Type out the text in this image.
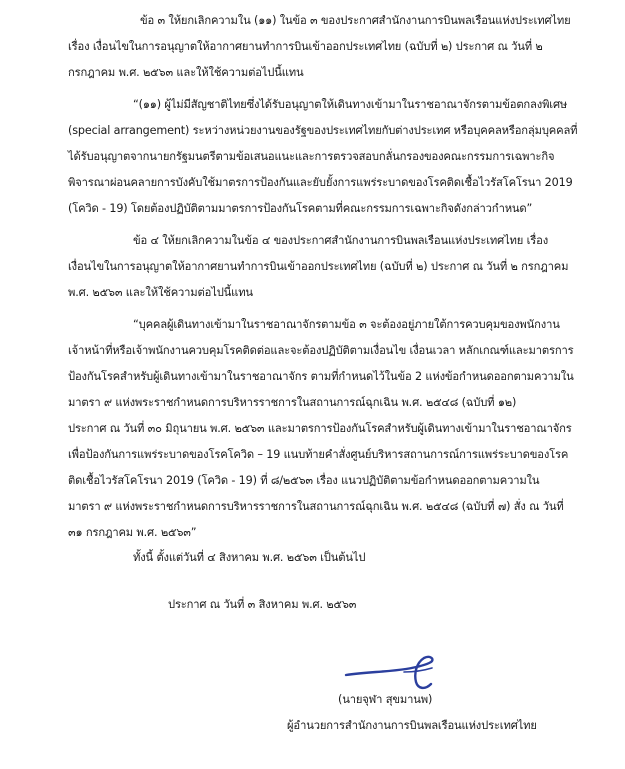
ข้อ ๓ ให้ยกเลิกความใน (๑๑) ในข้อ ๓ ของประกาศสำนักงานการบินพลเรือนแห่งประเทศไทย
เรื่อง เงื่อนไขในการอนุญาตให้อากาศยานทำการบินเข้าออกประเทศไทย (ฉบับที่ ๒) ประกาศ ณ วันที่ ๒
กรกฎาคม พ.ศ. ๒๕๖๓ และให้ใช้ความต่อไปนี้แทน
“(๑๑) ผู้ไม่มีสัญชาติไทยซึ่งได้รับอนุญาตให้เดินทางเข้ามาในราชอาณาจักรตามข้อตกลงพิเศษ
(special arrangement) ระหว่างหน่วยงานของรัฐของประเทศไทยกับต่างประเทศ หรือบุคคลหรือกลุ่มบุคคลที่
ได้รับอนุญาตจากนายกรัฐมนตรีตามข้อเสนอแนะและการตรวจสอบกลั่นกรองของคณะกรรมการเฉพาะกิจ
พิจารณาผ่อนคลายการบังคับใช้มาตรการป้องกันและยับยั้งการแพร่ระบาดของโรคติดเชื้อไวรัสโคโรนา 2019
(โควิด - 19) โดยต้องปฏิบัติตามมาตรการป้องกันโรคตามที่คณะกรรมการเฉพาะกิจดังกล่าวกำหนด”
ข้อ ๔ ให้ยกเลิกความในข้อ ๔ ของประกาศสำนักงานการบินพลเรือนแห่งประเทศไทย เรื่อง
เงื่อนไขในการอนุญาตให้อากาศยานทำการบินเข้าออกประเทศไทย (ฉบับที่ ๒) ประกาศ ณ วันที่ ๒ กรกฎาคม
พ.ศ. ๒๕๖๓ และให้ใช้ความต่อไปนี้แทน
“บุคคลผู้เดินทางเข้ามาในราชอาณาจักรตามข้อ ๓ จะต้องอยู่ภายใต้การควบคุมของพนักงาน
เจ้าหน้าที่หรือเจ้าพนักงานควบคุมโรคติดต่อและจะต้องปฏิบัติตามเงื่อนไข เงื่อนเวลา หลักเกณฑ์และมาตรการ
ป้องกันโรคสำหรับผู้เดินทางเข้ามาในราชอาณาจักร ตามที่กำหนดไว้ในข้อ 2 แห่งข้อกำหนดออกตามความใน
มาตรา ๙ แห่งพระราชกำหนดการบริหารราชการในสถานการณ์ฉุกเฉิน พ.ศ. ๒๕๔๘ (ฉบับที่ ๑๒)
ประกาศ ณ วันที่ ๓๐ มิถุนายน พ.ศ. ๒๕๖๓ และมาตรการป้องกันโรคสำหรับผู้เดินทางเข้ามาในราชอาณาจักร
เพื่อป้องกันการแพร่ระบาดของโรคโควิด – 19 แนบท้ายคำสั่งศูนย์บริหารสถานการณ์การแพร่ระบาดของโรค
ติดเชื้อไวรัสโคโรนา 2019 (โควิด - 19) ที่ ๘/๒๕๖๓ เรื่อง แนวปฏิบัติตามข้อกำหนดออกตามความใน
มาตรา ๙ แห่งพระราชกำหนดการบริหารราชการในสถานการณ์ฉุกเฉิน พ.ศ. ๒๕๔๘ (ฉบับที่ ๗) สั่ง ณ วันที่
๓๑ กรกฎาคม พ.ศ. ๒๕๖๓”
ทั้งนี้ ตั้งแต่วันที่ ๔ สิงหาคม พ.ศ. ๒๕๖๓ เป็นต้นไป
ประกาศ ณ วันที่ ๓ สิงหาคม พ.ศ. ๒๕๖๓
(นายจุฬา สุขมานพ)
ผู้อำนวยการสำนักงานการบินพลเรือนแห่งประเทศไทย
